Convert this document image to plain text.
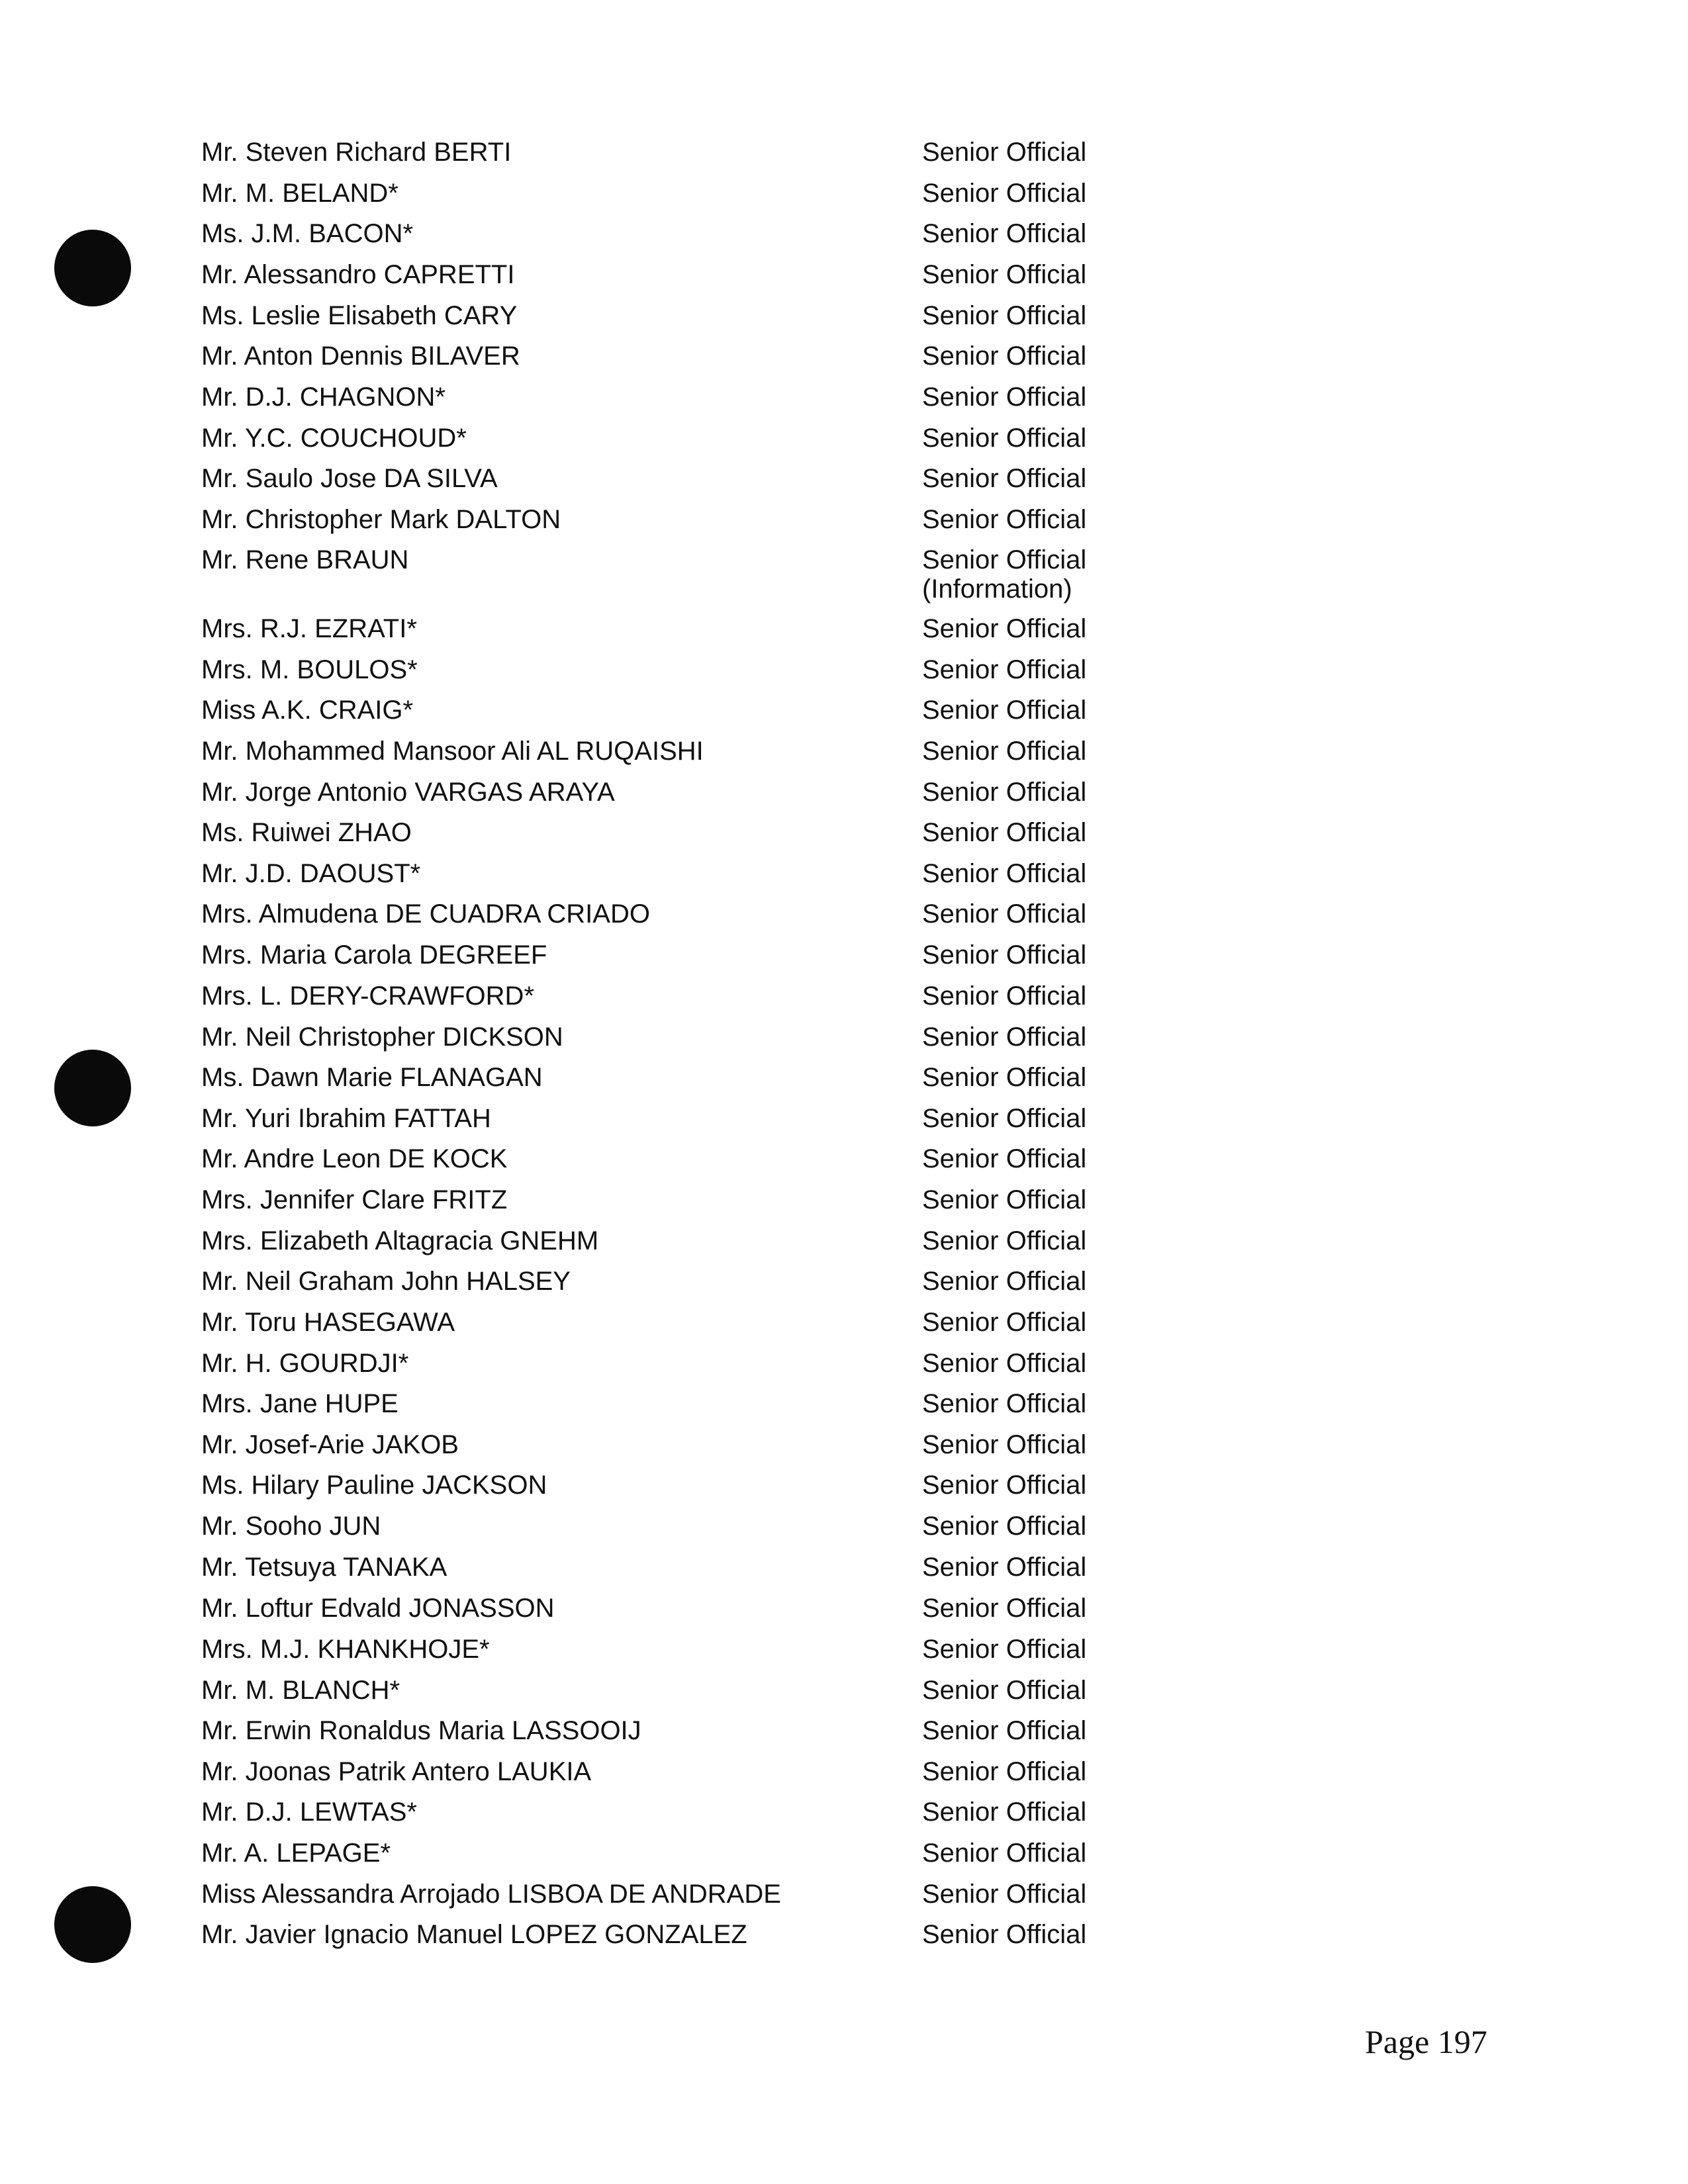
Mr. Steven Richard BERTI	Senior Official
Mr. M. BELAND*	Senior Official
Ms. J.M. BACON*	Senior Official
Mr. Alessandro CAPRETTI	Senior Official
Ms. Leslie Elisabeth CARY	Senior Official
Mr. Anton Dennis BILAVER	Senior Official
Mr. D.J. CHAGNON*	Senior Official
Mr. Y.C. COUCHOUD*	Senior Official
Mr. Saulo Jose DA SILVA	Senior Official
Mr. Christopher Mark DALTON	Senior Official
Mr. Rene BRAUN	Senior Official
(Information)
Mrs. R.J. EZRATI*	Senior Official
Mrs. M. BOULOS*	Senior Official
Miss A.K. CRAIG*	Senior Official
Mr. Mohammed Mansoor Ali AL RUQAISHI	Senior Official
Mr. Jorge Antonio VARGAS ARAYA	Senior Official
Ms. Ruiwei ZHAO	Senior Official
Mr. J.D. DAOUST*	Senior Official
Mrs. Almudena DE CUADRA CRIADO	Senior Official
Mrs. Maria Carola DEGREEF	Senior Official
Mrs. L. DERY-CRAWFORD*	Senior Official
Mr. Neil Christopher DICKSON	Senior Official
Ms. Dawn Marie FLANAGAN	Senior Official
Mr. Yuri Ibrahim FATTAH	Senior Official
Mr. Andre Leon DE KOCK	Senior Official
Mrs. Jennifer Clare FRITZ	Senior Official
Mrs. Elizabeth Altagracia GNEHM	Senior Official
Mr. Neil Graham John HALSEY	Senior Official
Mr. Toru HASEGAWA	Senior Official
Mr. H. GOURDJI*	Senior Official
Mrs. Jane HUPE	Senior Official
Mr. Josef-Arie JAKOB	Senior Official
Ms. Hilary Pauline JACKSON	Senior Official
Mr. Sooho JUN	Senior Official
Mr. Tetsuya TANAKA	Senior Official
Mr. Loftur Edvald JONASSON	Senior Official
Mrs. M.J. KHANKHOJE*	Senior Official
Mr. M. BLANCH*	Senior Official
Mr. Erwin Ronaldus Maria LASSOOIJ	Senior Official
Mr. Joonas Patrik Antero LAUKIA	Senior Official
Mr. D.J. LEWTAS*	Senior Official
Mr. A. LEPAGE*	Senior Official
Miss Alessandra Arrojado LISBOA DE ANDRADE	Senior Official
Mr. Javier Ignacio Manuel LOPEZ GONZALEZ	Senior Official
Page 197
